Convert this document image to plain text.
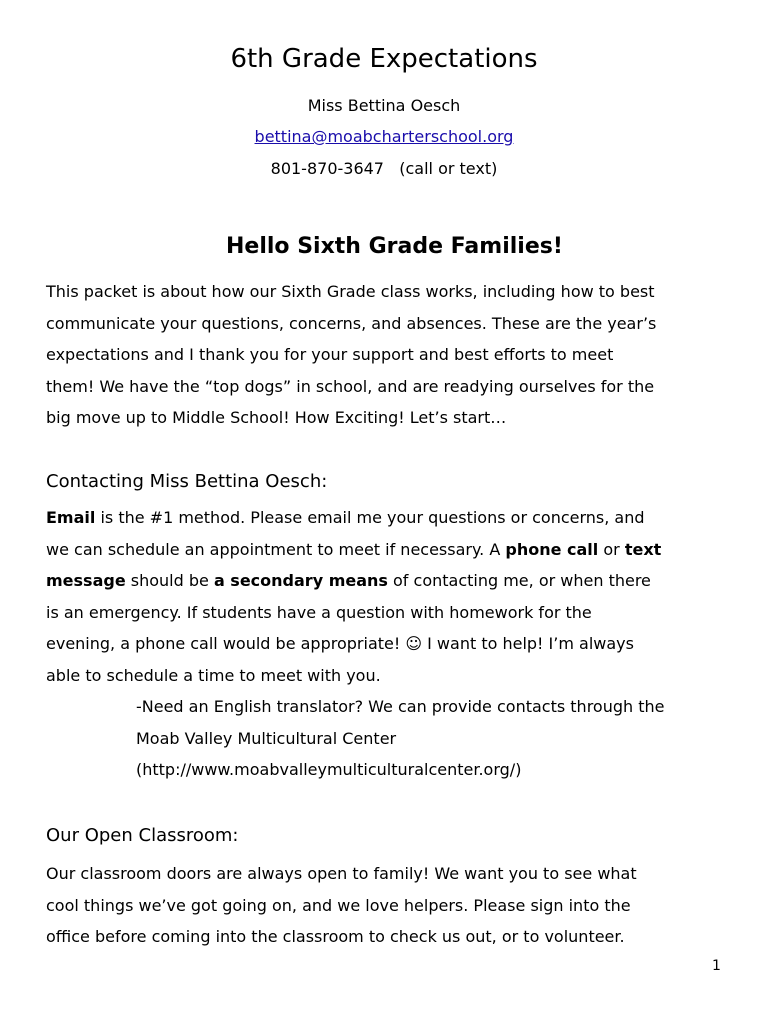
6th Grade Expectations
Miss Bettina Oesch
bettina@moabcharterschool.org
801-870-3647   (call or text)
Hello Sixth Grade Families!
This packet is about how our Sixth Grade class works, including how to best
communicate your questions, concerns, and absences. These are the year’s
expectations and I thank you for your support and best efforts to meet
them! We have the “top dogs” in school, and are readying ourselves for the
big move up to Middle School! How Exciting! Let’s start…
Contacting Miss Bettina Oesch:
Email is the #1 method. Please email me your questions or concerns, and
we can schedule an appointment to meet if necessary. A phone call or text
message should be a secondary means of contacting me, or when there
is an emergency. If students have a question with homework for the
evening, a phone call would be appropriate! ☺ I want to help! I’m always
able to schedule a time to meet with you.
-Need an English translator? We can provide contacts through the
Moab Valley Multicultural Center
(http://www.moabvalleymulticulturalcenter.org/)
Our Open Classroom:
Our classroom doors are always open to family! We want you to see what
cool things we’ve got going on, and we love helpers. Please sign into the
office before coming into the classroom to check us out, or to volunteer.
1
